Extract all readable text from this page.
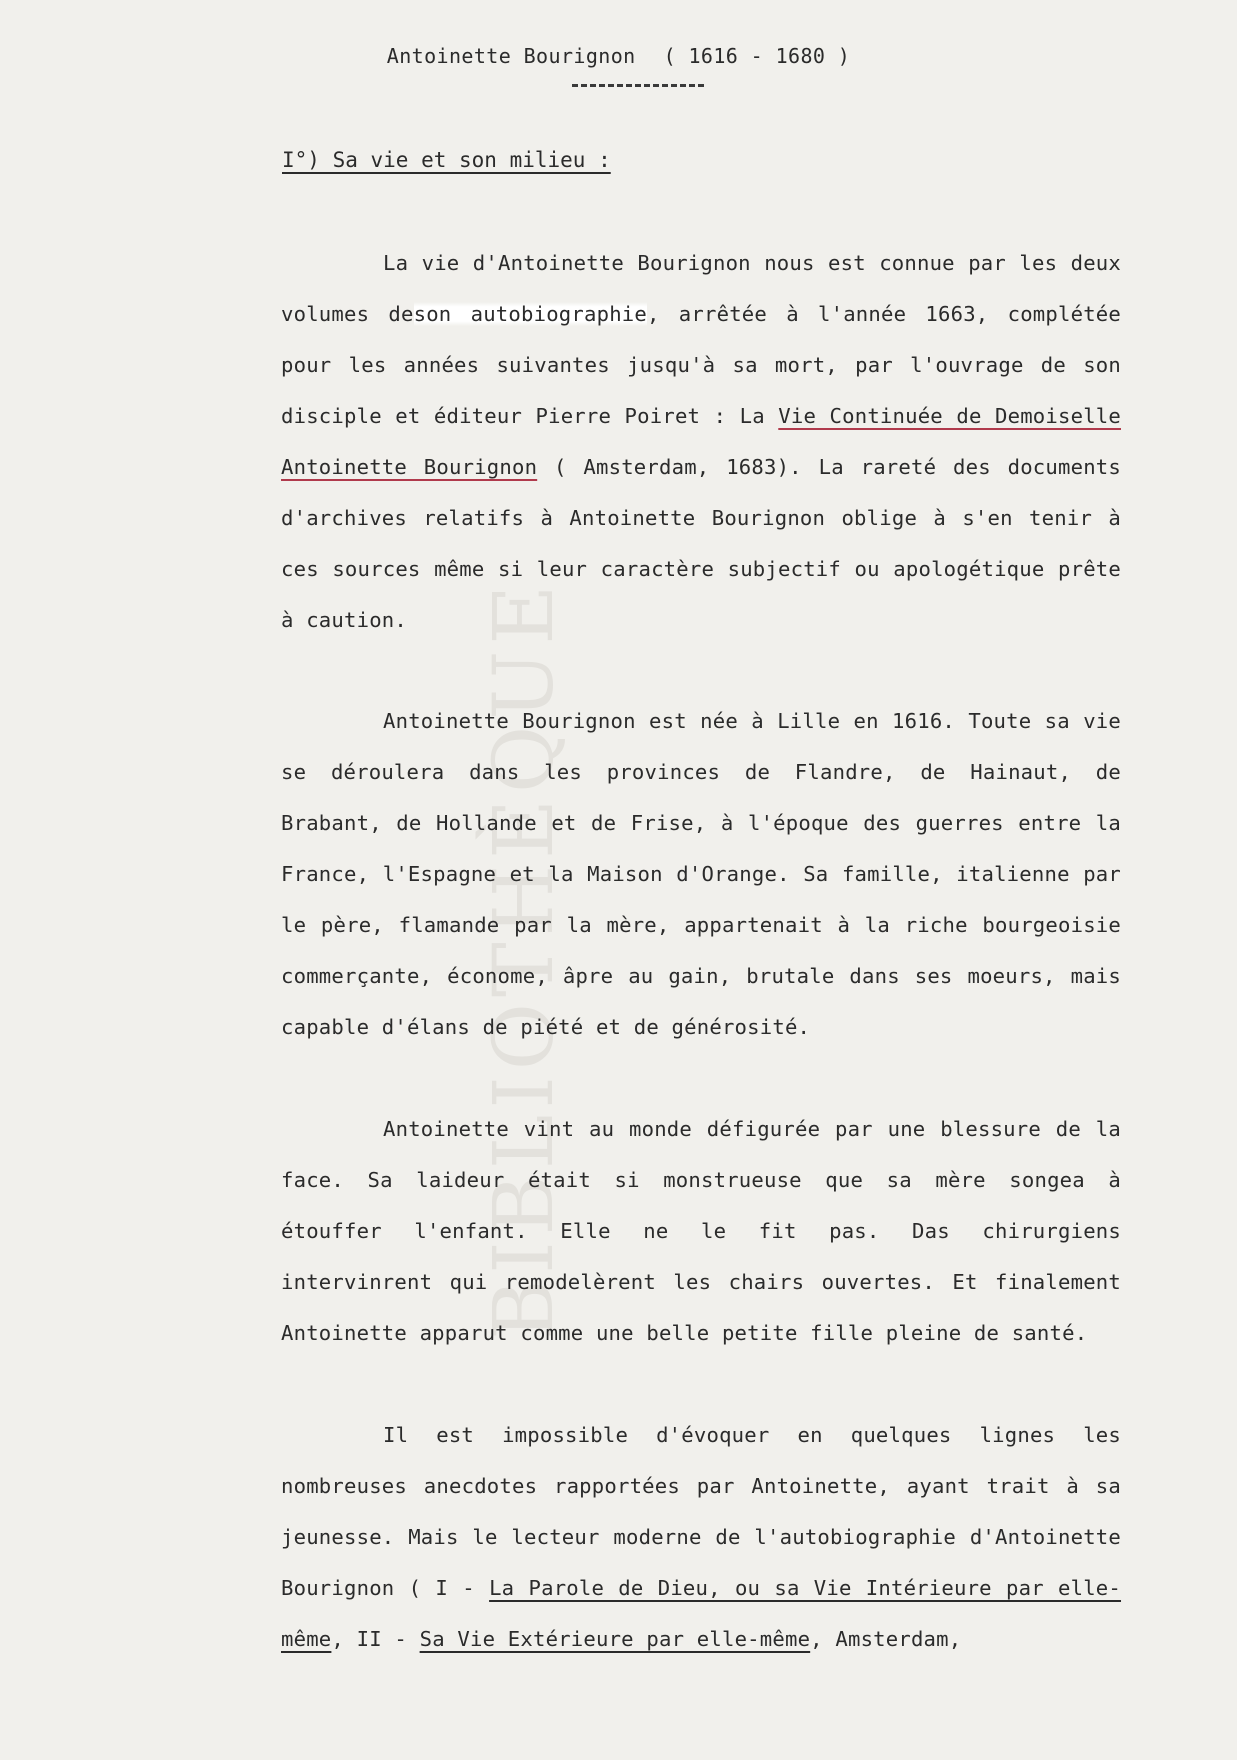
BIBLIOTHÈQUE
Antoinette Bourignon ( 1616 - 1680 )
I°) Sa vie et son milieu :

La vie d'Antoinette Bourignon nous est connue par les deux volumes deson autobiographie, arrêtée à l'année 1663, complétée pour les années suivantes jusqu'à sa mort, par l'ouvrage de son disciple et éditeur Pierre Poiret : La Vie Continuée de Demoiselle Antoinette Bourignon ( Amsterdam, 1683). La rareté des documents d'archives relatifs à Antoinette Bourignon oblige à s'en tenir à ces sources même si leur caractère subjectif ou apologétique prête à caution.

Antoinette Bourignon est née à Lille en 1616. Toute sa vie se déroulera dans les provinces de Flandre, de Hainaut, de Brabant, de Hollande et de Frise, à l'époque des guerres entre la France, l'Espagne et la Maison d'Orange. Sa famille, italienne par le père, flamande par la mère, appartenait à la riche bourgeoisie commerçante, économe, âpre au gain, brutale dans ses moeurs, mais capable d'élans de piété et de générosité.

Antoinette vint au monde défigurée par une blessure de la face. Sa laideur était si monstrueuse que sa mère songea à étouffer l'enfant. Elle ne le fit pas. Das chirurgiens intervinrent qui remodelèrent les chairs ouvertes. Et finalement Antoinette apparut comme une belle petite fille pleine de santé.

Il est impossible d'évoquer en quelques lignes les nombreuses anecdotes rapportées par Antoinette, ayant trait à sa jeunesse. Mais le lecteur moderne de l'autobiographie d'Antoinette Bourignon ( I - La Parole de Dieu, ou sa Vie Intérieure par elle-même, II - Sa Vie Extérieure par elle-même, Amsterdam,
